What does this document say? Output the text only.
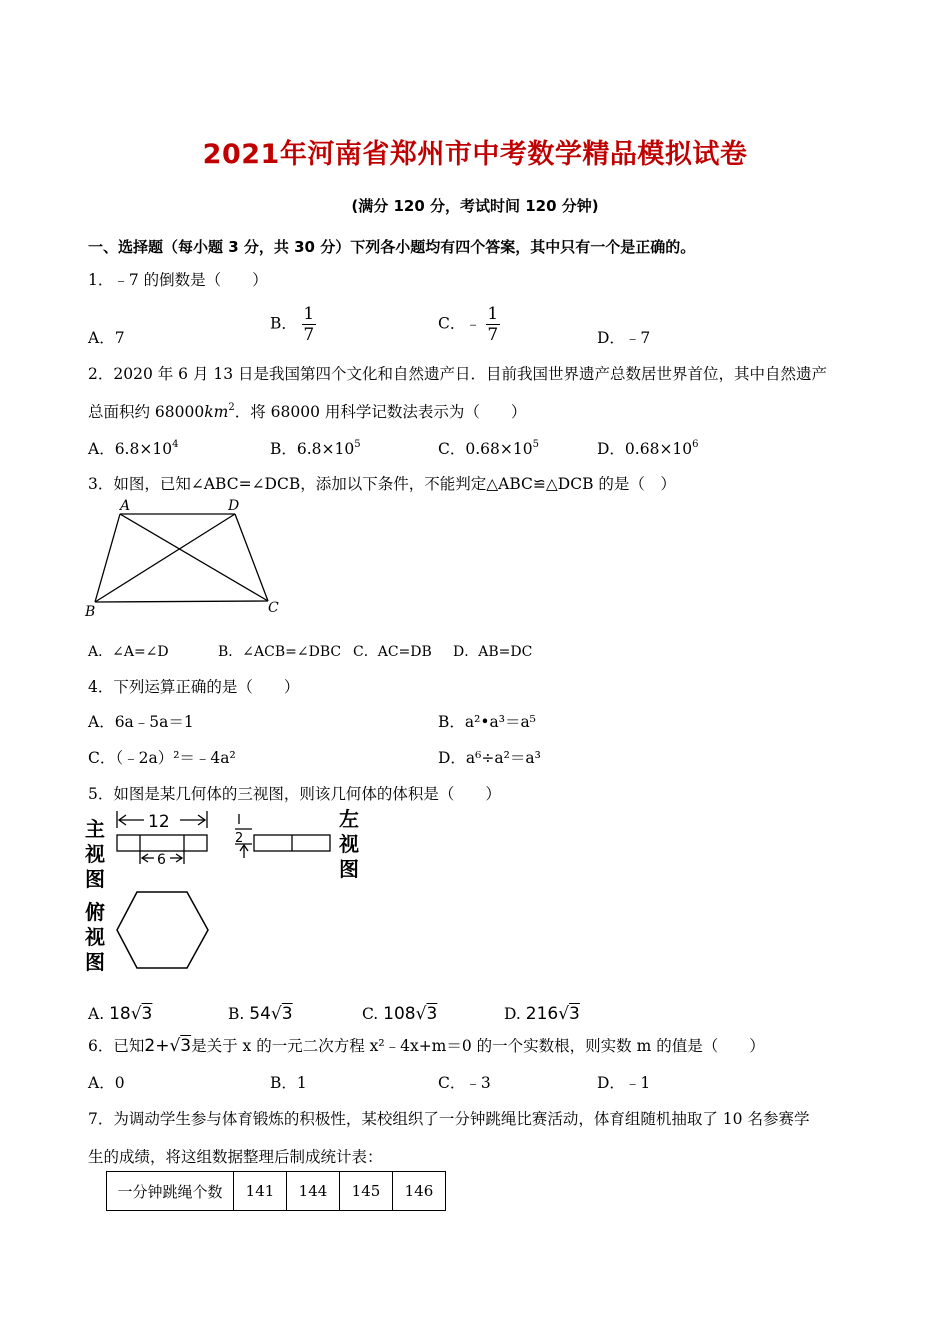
2021年河南省郑州市中考数学精品模拟试卷
(满分 120 分，考试时间 120 分钟)
一、选择题（每小题 3 分，共 30 分）下列各小题均有四个答案，其中只有一个是正确的。
1．﹣7 的倒数是（　　）
A．7
B． $\frac{1}{7}$	C．﹣ $\frac{1}{7}$	D．﹣7
2．2020 年 6 月 13 日是我国第四个文化和自然遗产日．目前我国世界遗产总数居世界首位，其中自然遗产
总面积约 $68000km^2$．将 68000 用科学记数法表示为（　　）
A．$6.8\times 10^4$	B．$6.8\times 10^5$	C．$0.68\times 10^5$	D．$0.68\times 10^6$
3．如图，已知∠ABC=∠DCB，添加以下条件，不能判定△ABC≌△DCB 的是（　）
A	D
B	C
A．∠A=∠D	B．∠ACB=∠DBC C．AC=DB D．AB=DC
4．下列运算正确的是（　　）
A．6a﹣5a＝1	B．a²•a³＝a⁵
C．（﹣2a）²＝﹣4a²	D．a⁶÷a²＝a³
5．如图是某几何体的三视图，则该几何体的体积是（　　）
主
视
图
12
6
2
左
视
图
俯
视
图
A. 18√3	B. 54√3	C. 108√3	D. 216√3
6．已知2+√3是关于 x 的一元二次方程 x²﹣4x+m＝0 的一个实数根，则实数 m 的值是（　　）
A．0	B．1	C．﹣3	D．﹣1
7．为调动学生参与体育锻炼的积极性，某校组织了一分钟跳绳比赛活动，体育组随机抽取了 10 名参赛学
生的成绩，将这组数据整理后制成统计表：
一分钟跳绳个数	141	144	145	146
